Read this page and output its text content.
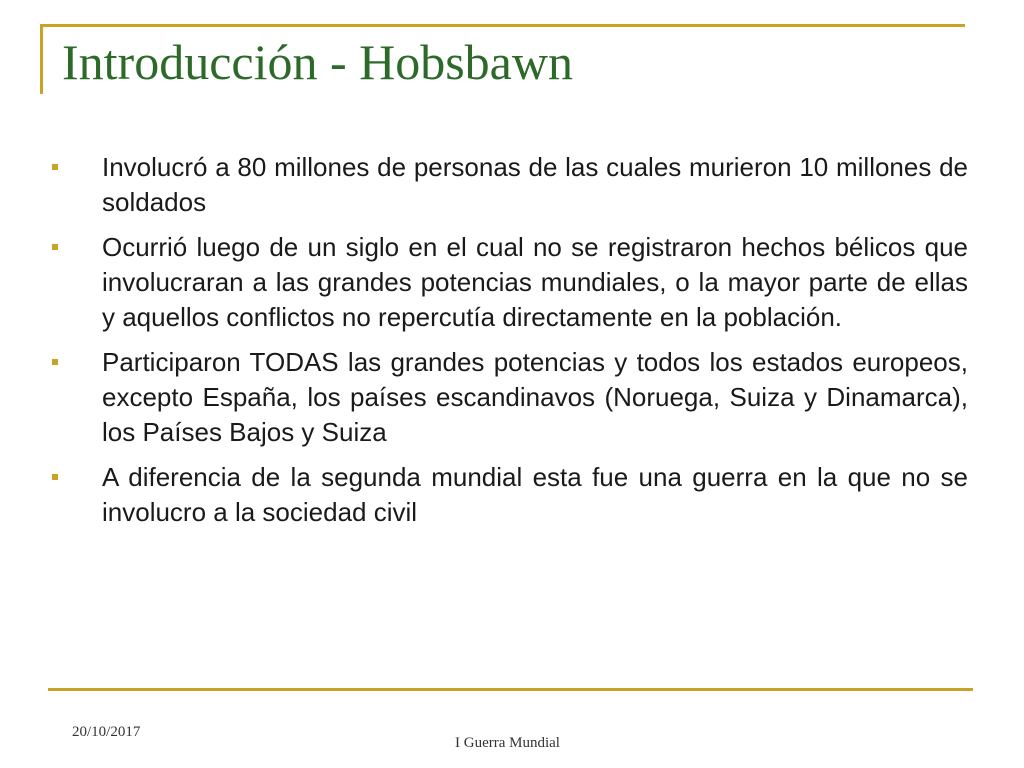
Introducción - Hobsbawn
Involucró a 80 millones de personas de las cuales murieron 10 millones de soldados
Ocurrió luego de un siglo en el cual no se registraron hechos bélicos que involucraran a las grandes potencias mundiales, o la mayor parte de ellas y aquellos conflictos no repercutía directamente en la población.
Participaron TODAS las grandes potencias y todos los estados europeos, excepto España, los países escandinavos (Noruega, Suiza y Dinamarca), los Países Bajos y Suiza
A diferencia de la segunda mundial esta fue una guerra en la que no se involucro a la sociedad civil
20/10/2017
I Guerra Mundial
